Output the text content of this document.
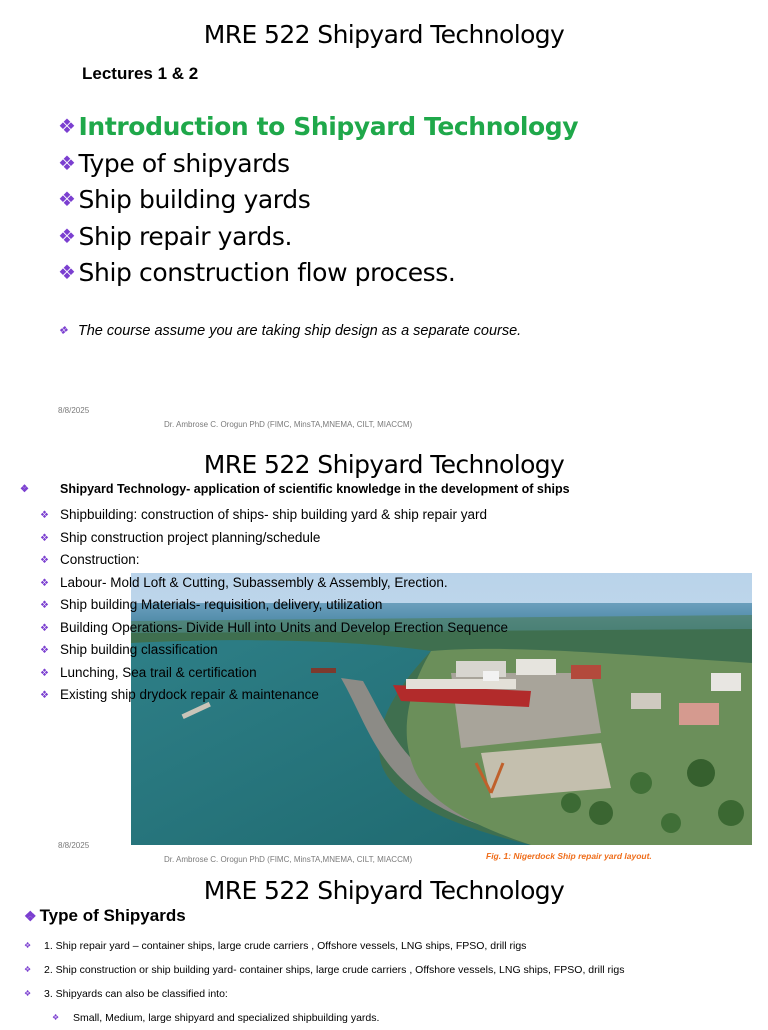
MRE 522 Shipyard Technology
Lectures 1 & 2
❖ Introduction to Shipyard Technology
❖ Type of shipyards
❖ Ship building yards
❖ Ship repair yards.
❖ Ship construction flow process.
❖ The course assume you are taking ship design as a separate course.
8/8/2025
Dr. Ambrose C. Orogun PhD (FIMC, MinsTA,MNEMA, CILT, MIACCM)
MRE 522 Shipyard Technology
❖ Shipyard Technology- application of scientific knowledge in the development of ships
❖ Shipbuilding: construction of ships- ship building yard & ship repair yard
❖ Ship construction project planning/schedule
❖ Construction:
❖ Labour- Mold Loft & Cutting, Subassembly & Assembly, Erection.
❖ Ship building Materials- requisition, delivery, utilization
❖ Building Operations- Divide Hull into Units and Develop Erection Sequence
❖ Ship building classification
❖ Lunching, Sea trail & certification
❖ Existing ship drydock repair & maintenance
8/8/2025
Dr. Ambrose C. Orogun PhD (FIMC, MinsTA,MNEMA, CILT, MIACCM)	Fig. 1: Nigerdock Ship repair yard layout.
MRE 522 Shipyard Technology
❖ Type of Shipyards
❖ 1. Ship repair yard – container ships, large crude carriers , Offshore vessels, LNG ships, FPSO, drill rigs
❖ 2. Ship construction or ship building yard- container ships, large crude carriers , Offshore vessels, LNG ships, FPSO, drill rigs
❖ 3. Shipyards can also be classified into:
❖ Small, Medium, large shipyard and specialized shipbuilding yards.
